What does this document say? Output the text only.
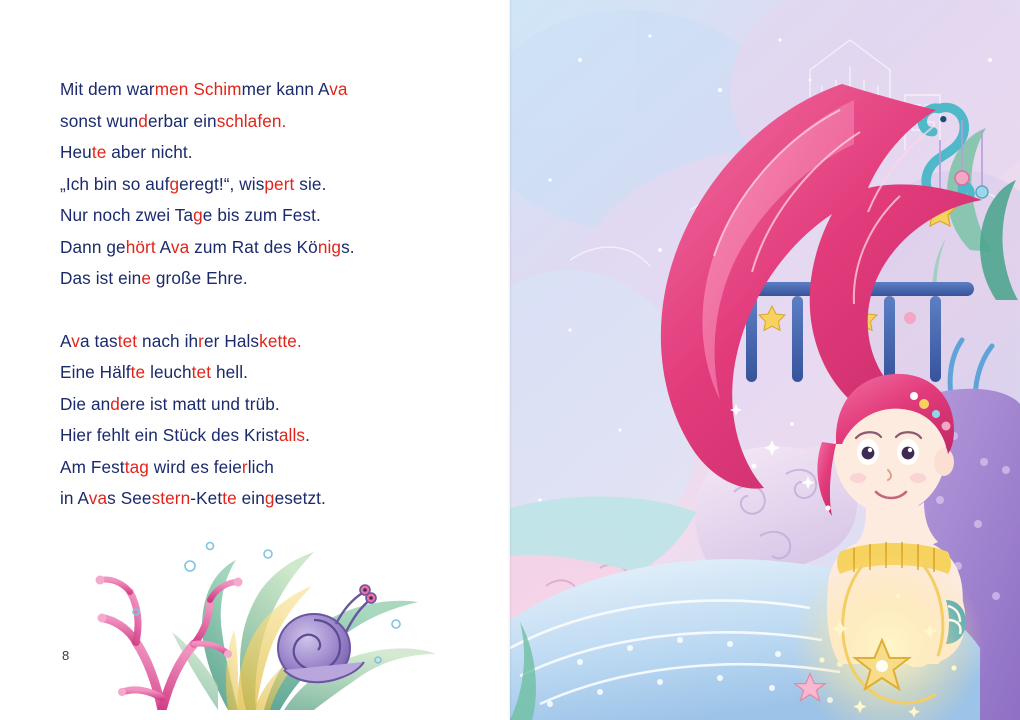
Mit dem warmen Schimmer kann Ava
sonst wunderbar einschlafen.
Heute aber nicht.
„Ich bin so aufgeregt!“, wispert sie.
Nur noch zwei Tage bis zum Fest.
Dann gehört Ava zum Rat des Königs.
Das ist eine große Ehre.
Ava tastet nach ihrer Halskette.
Eine Hälfte leuchtet hell.
Die andere ist matt und trüb.
Hier fehlt ein Stück des Kristalls.
Am Festtag wird es feierlich
in Avas Seestern-Kette eingesetzt.
8
